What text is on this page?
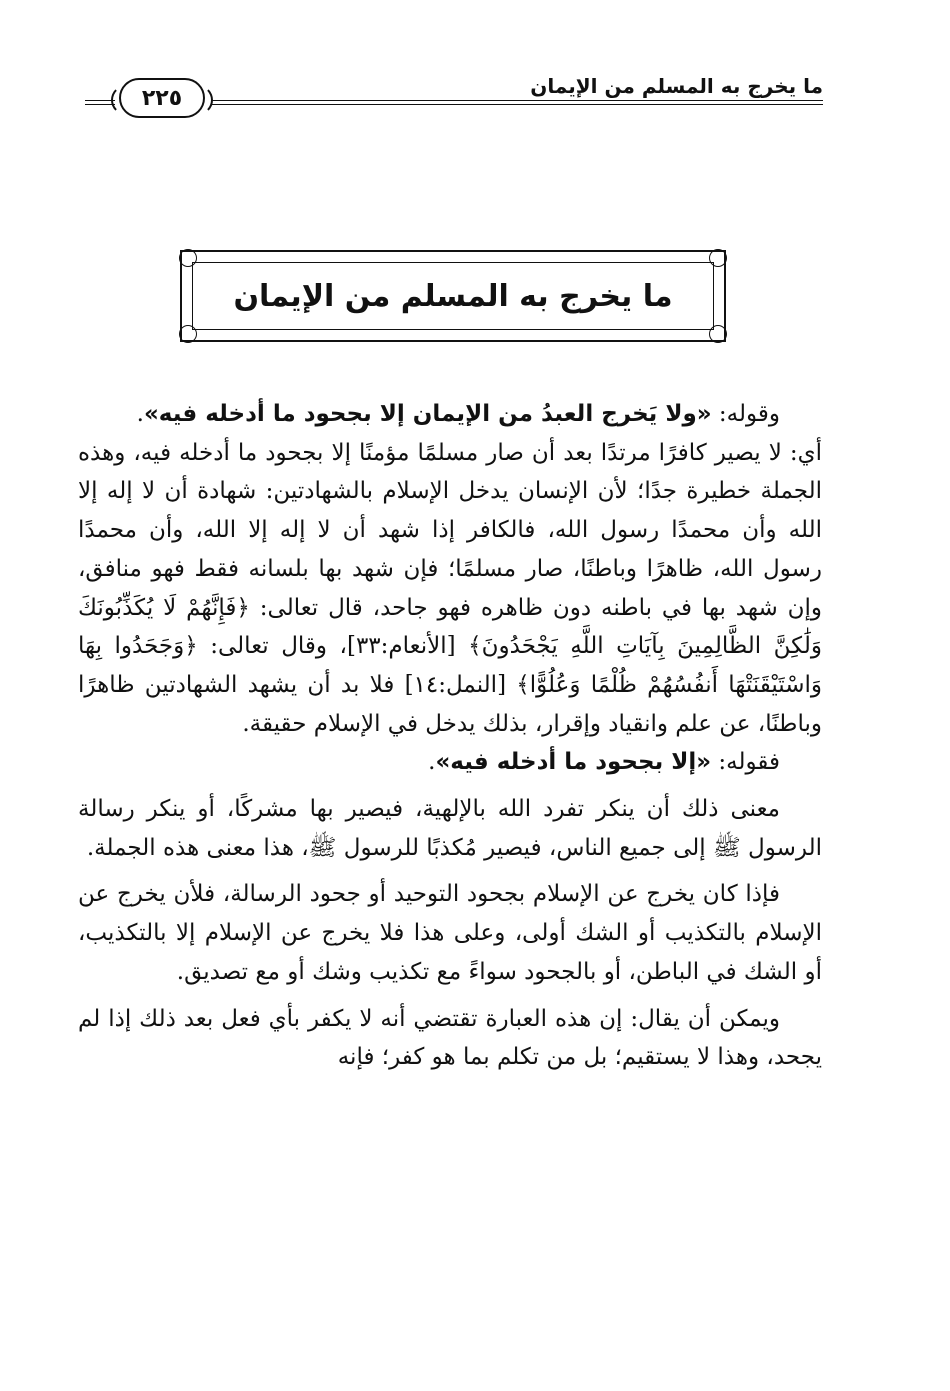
ما يخرج به المسلم من الإيمان
٢٢٥
ما يخرج به المسلم من الإيمان

وقوله: «ولا يَخرج العبدُ من الإيمان إلا بجحود ما أدخله فيه».

أي: لا يصير كافرًا مرتدًا بعد أن صار مسلمًا مؤمنًا إلا بجحود ما أدخله فيه، وهذه الجملة خطيرة جدًا؛ لأن الإنسان يدخل الإسلام بالشهادتين: شهادة أن لا إله إلا الله وأن محمدًا رسول الله، فالكافر إذا شهد أن لا إله إلا الله، وأن محمدًا رسول الله، ظاهرًا وباطنًا، صار مسلمًا؛ فإن شهد بها بلسانه فقط فهو منافق، وإن شهد بها في باطنه دون ظاهره فهو جاحد، قال تعالى: ﴿فَإِنَّهُمْ لَا يُكَذِّبُونَكَ وَلَٰكِنَّ الظَّالِمِينَ بِآيَاتِ اللَّهِ يَجْحَدُونَ﴾ [الأنعام:٣٣]، وقال تعالى: ﴿وَجَحَدُوا بِهَا وَاسْتَيْقَنَتْهَا أَنفُسُهُمْ ظُلْمًا وَعُلُوًّا﴾ [النمل:١٤] فلا بد أن يشهد الشهادتين ظاهرًا وباطنًا، عن علم وانقياد وإقرار، بذلك يدخل في الإسلام حقيقة.

فقوله: «إلا بجحود ما أدخله فيه».

معنى ذلك أن ينكر تفرد الله بالإلهية، فيصير بها مشركًا، أو ينكر رسالة الرسول ﷺ إلى جميع الناس، فيصير مُكذبًا للرسول ﷺ، هذا معنى هذه الجملة.

فإذا كان يخرج عن الإسلام بجحود التوحيد أو جحود الرسالة، فلأن يخرج عن الإسلام بالتكذيب أو الشك أولى، وعلى هذا فلا يخرج عن الإسلام إلا بالتكذيب، أو الشك في الباطن، أو بالجحود سواءً مع تكذيب وشك أو مع تصديق.

ويمكن أن يقال: إن هذه العبارة تقتضي أنه لا يكفر بأي فعل بعد ذلك إذا لم يجحد، وهذا لا يستقيم؛ بل من تكلم بما هو كفر؛ فإنه
